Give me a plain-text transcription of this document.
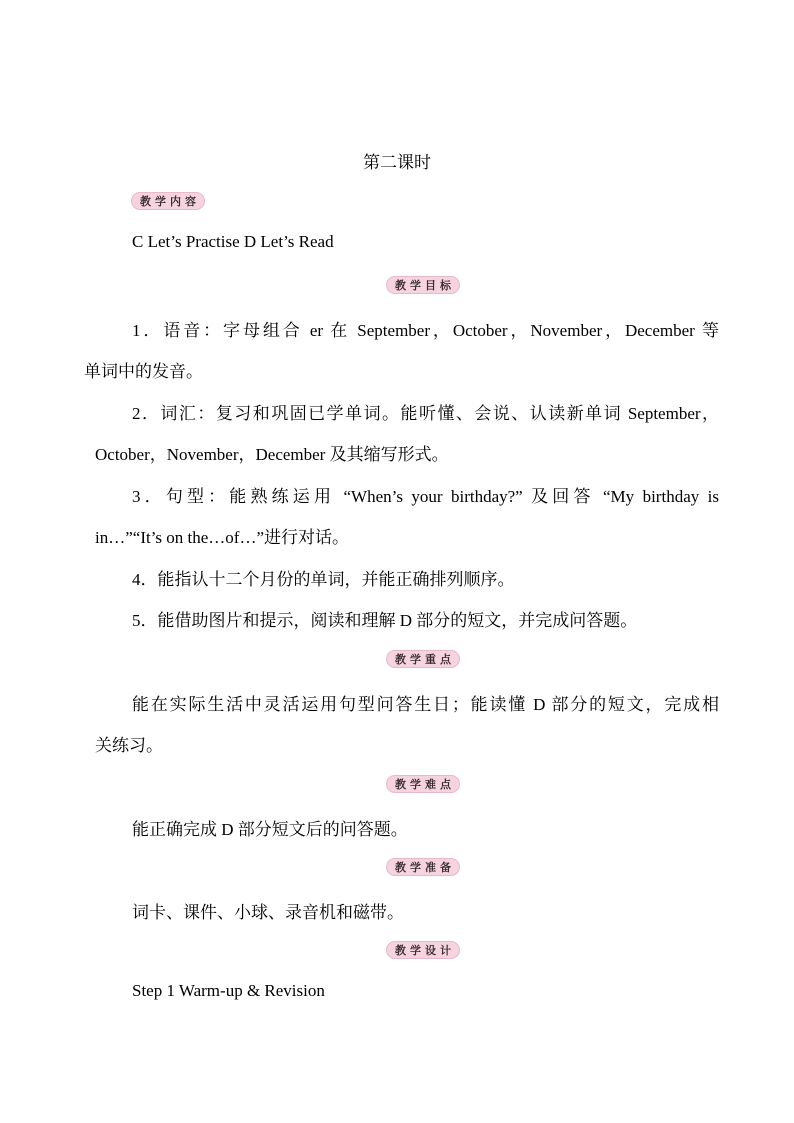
第二课时
教学内容
C Let’s Practise D Let’s Read
教学目标
1．语音：字母组合 er 在 September，October，November，December 等
单词中的发音。
2．词汇：复习和巩固已学单词。能听懂、会说、认读新单词 September，
October，November，December 及其缩写形式。
3．句型：能熟练运用 “When’s your birthday?” 及回答 “My birthday is
in…”“It’s on the…of…”进行对话。
4．能指认十二个月份的单词，并能正确排列顺序。
5．能借助图片和提示，阅读和理解 D 部分的短文，并完成问答题。
教学重点
能在实际生活中灵活运用句型问答生日；能读懂 D 部分的短文，完成相
关练习。
教学难点
能正确完成 D 部分短文后的问答题。
教学准备
词卡、课件、小球、录音机和磁带。
教学设计
Step 1 Warm-up & Revision
